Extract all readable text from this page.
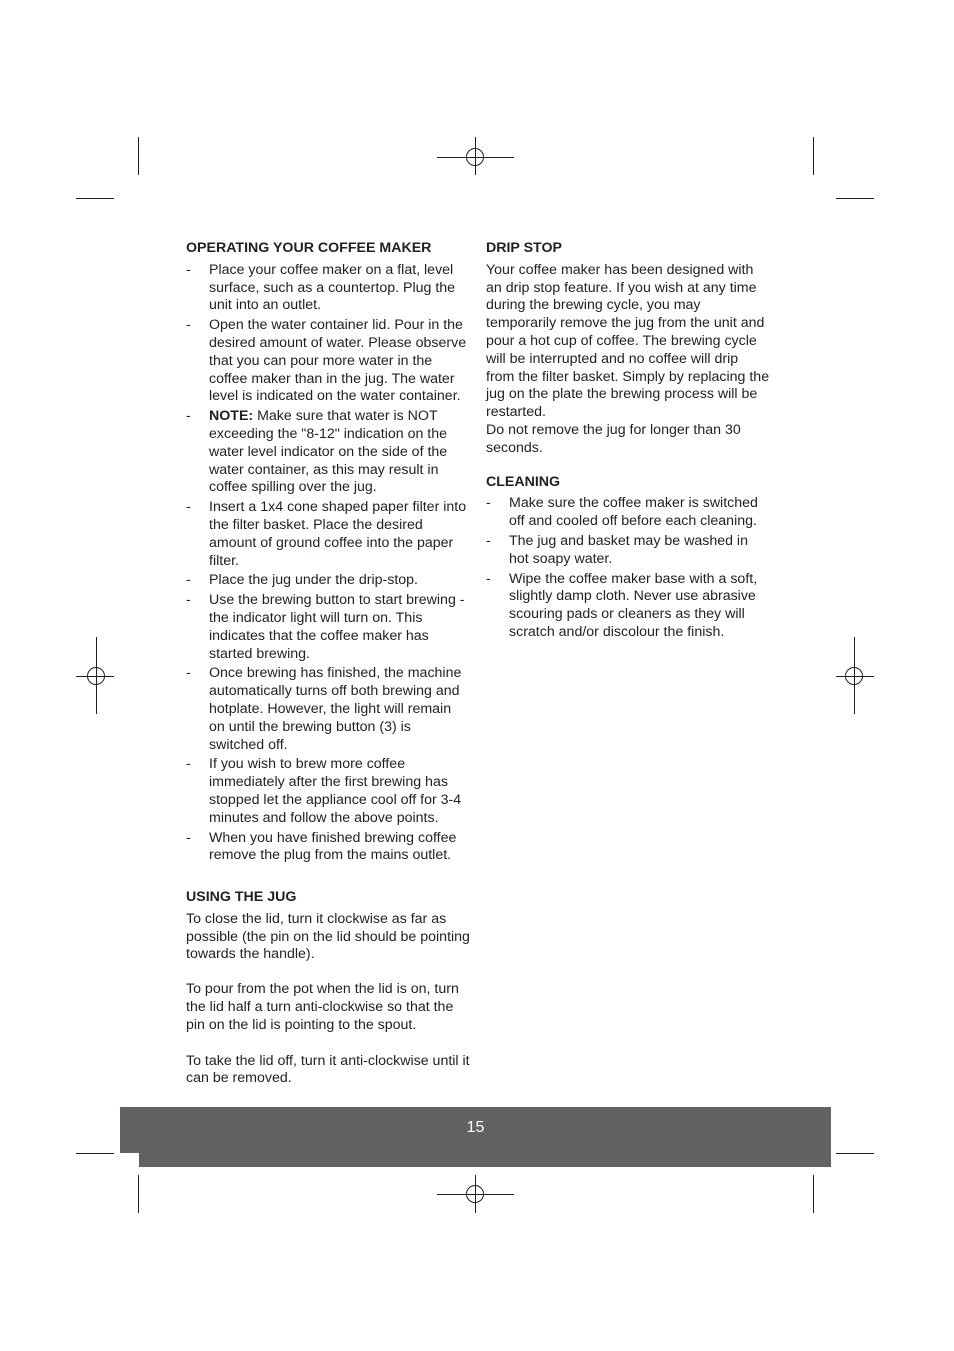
OPERATING YOUR COFFEE MAKER
- Place your coffee maker on a flat, level surface, such as a countertop. Plug the unit into an outlet.
- Open the water container lid. Pour in the desired amount of water. Please observe that you can pour more water in the coffee maker than in the jug. The water level is indicated on the water container.
- NOTE: Make sure that water is NOT exceeding the "8-12" indication on the water level indicator on the side of the water container, as this may result in coffee spilling over the jug.
- Insert a 1x4 cone shaped paper filter into the filter basket. Place the desired amount of ground coffee into the paper filter.
- Place the jug under the drip-stop.
- Use the brewing button to start brewing - the indicator light will turn on. This indicates that the coffee maker has started brewing.
- Once brewing has finished, the machine automatically turns off both brewing and hotplate. However, the light will remain on until the brewing button (3) is switched off.
- If you wish to brew more coffee immediately after the first brewing has stopped let the appliance cool off for 3-4 minutes and follow the above points.
- When you have finished brewing coffee remove the plug from the mains outlet.
USING THE JUG

To close the lid, turn it clockwise as far as possible (the pin on the lid should be pointing towards the handle).

To pour from the pot when the lid is on, turn the lid half a turn anti-clockwise so that the pin on the lid is pointing to the spout.

To take the lid off, turn it anti-clockwise until it can be removed.

DRIP STOP

Your coffee maker has been designed with an drip stop feature. If you wish at any time during the brewing cycle, you may temporarily remove the jug from the unit and pour a hot cup of coffee. The brewing cycle will be interrupted and no coffee will drip from the filter basket. Simply by replacing the jug on the plate the brewing process will be restarted.

Do not remove the jug for longer than 30 seconds.

CLEANING
- Make sure the coffee maker is switched off and cooled off before each cleaning.
- The jug and basket may be washed in hot soapy water.
- Wipe the coffee maker base with a soft, slightly damp cloth. Never use abrasive scouring pads or cleaners as they will scratch and/or discolour the finish.
15
